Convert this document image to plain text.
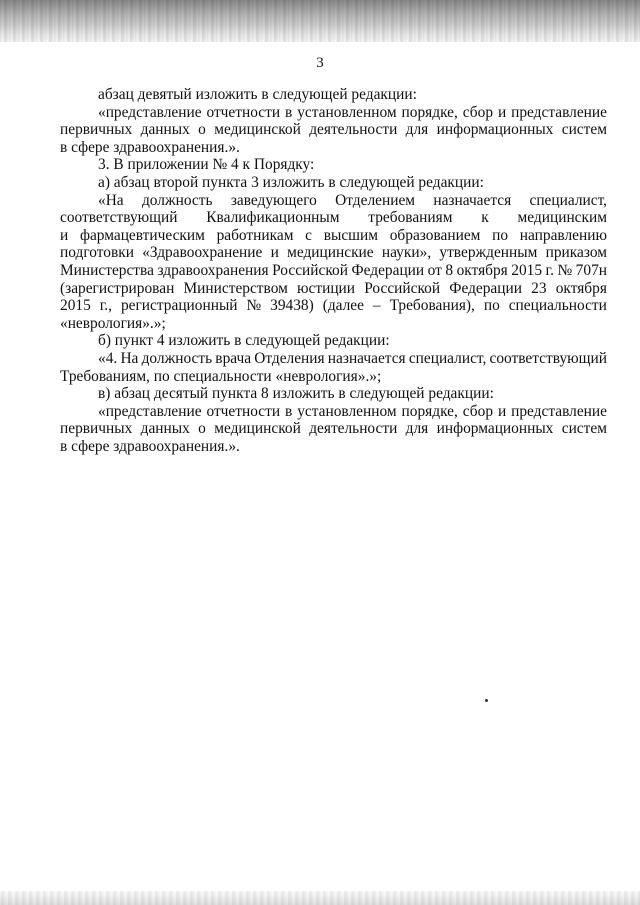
3
абзац девятый изложить в следующей редакции:
«представление отчетности в установленном порядке, сбор и представление
первичных данных о медицинской деятельности для информационных систем
в сфере здравоохранения.».
3. В приложении № 4 к Порядку:
а) абзац второй пункта 3 изложить в следующей редакции:
«На должность заведующего Отделением назначается специалист,
соответствующий Квалификационным требованиям к медицинским
и фармацевтическим работникам с высшим образованием по направлению
подготовки «Здравоохранение и медицинские науки», утвержденным приказом
Министерства здравоохранения Российской Федерации от 8 октября 2015 г. № 707н
(зарегистрирован Министерством юстиции Российской Федерации 23 октября
2015 г., регистрационный № 39438) (далее – Требования), по специальности
«неврология».»;
б) пункт 4 изложить в следующей редакции:
«4. На должность врача Отделения назначается специалист, соответствующий
Требованиям, по специальности «неврология».»;
в) абзац десятый пункта 8 изложить в следующей редакции:
«представление отчетности в установленном порядке, сбор и представление
первичных данных о медицинской деятельности для информационных систем
в сфере здравоохранения.».
